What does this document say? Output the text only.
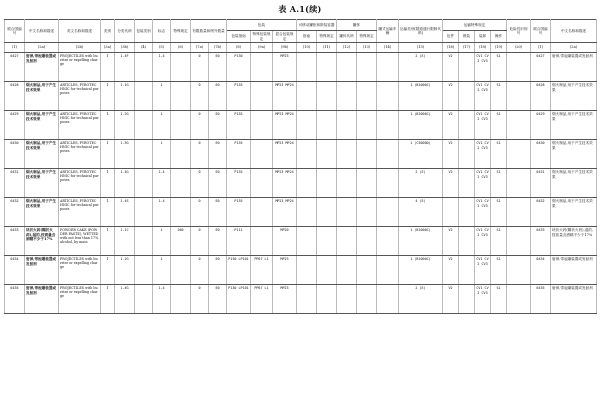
表 A.1(续)
联合国编号	中文名称和描述	英文名称和描述	类别	分类代码	包装类别	标志	特殊规定	有限数量和例外数量		包装			可移动罐柜和散装容器		罐体		罐式运输车辆	运输类别(隧道通行限制代码)	运输特殊规定				危险性识别号	联合国编号	中文名称和描述
										包装指南	特殊包装规定	混合包装规定	指南	特殊规定	罐体代码	特殊规定			包件	散装	装卸	操作			
(1)	(2a)	(2b)	(3a)	(3b)	(4)	(5)	(6)	(7a)	(7b)	(8)	(9a)	(9b)	(10)	(11)	(12)	(13)	(14)	(15)	(16)	(17)	(18)	(19)	(20)	(1)	(2a)
0427	射弹,带起爆装置或发射剂	PROJECTILES with burster or expelling charge	1	1.4F		1.4		0	E0	P130		MP23						2 (E)	V2		CV1 CV2 CV3	S1		0427	射弹,带起爆装置或发射剂
0428	烟火制品,用于产生技术效果	ARTICLES, PYROTECHNIC for technical purposes	1	1.1G		1		0	E0	P135		MP23 MP24						1 (B1000C)	V2		CV1 CV2 CV3	S1		0428	烟火制品,用于产生技术效果
0429	烟火制品,用于产生技术效果	ARTICLES, PYROTECHNIC for technical purposes	1	1.2G		1		0	E0	P135		MP23 MP24						1 (B1000C)	V2		CV1 CV2 CV3	S1		0429	烟火制品,用于产生技术效果
0430	烟火制品,用于产生技术效果	ARTICLES, PYROTECHNIC for technical purposes	1	1.3G		1		0	E0	P135		MP23 MP24						1 (C5000D)	V2		CV1 CV2 CV3	S1		0430	烟火制品,用于产生技术效果
0431	烟火制品,用于产生技术效果	ARTICLES, PYROTECHNIC for technical purposes	1	1.4G		1.4		0	E0	P135		MP23 MP24						2 (E)	V2		CV1 CV2 CV3	S1		0431	烟火制品,用于产生技术效果
0432	烟火制品,用于产生技术效果	ARTICLES, PYROTECHNIC for technical purposes	1	1.4S		1.4		0	E0	P135		MP23 MP24						4 (E)			CV1 CV2 CV3	S1		0432	烟火制品,用于产生技术效果
0433	块状火药(糊状火药),湿的,按质量含酒精不少于17%	POWDER CAKE (POWDER PASTE), WETTED with not less than 17% alcohol, by mass	1	1.1C		1	266	0	E0	P111		MP20						1 (B1000C)	V2		CV1 CV2 CV3	S1		0433	块状火药(糊状火药),湿的,按质量含酒精不少于17%
0434	射弹,带起爆装置或发射剂	PROJECTILES with burster or expelling charge	1	1.2G		1		0	E0	P130 LP101	PP67 L1	MP23						1 (B1000C)	V2		CV1 CV2 CV3	S1		0434	射弹,带起爆装置或发射剂
0435	射弹,带起爆装置或发射剂	PROJECTILES with burster or expelling charge	1	1.4G		1.4		0	E0	P130 LP101	PP67 L1	MP23						2 (E)	V2		CV1 CV2 CV3	S1		0435	射弹,带起爆装置或发射剂
